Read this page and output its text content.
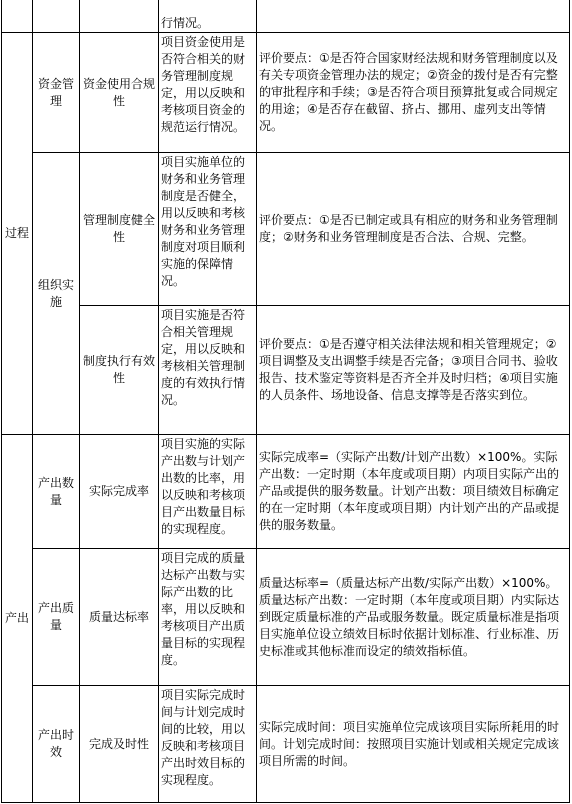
			行情况。	
过程	资金管理	资金使用合规性	项目资金使用是否符合相关的财务管理制度规定，用以反映和考核项目资金的规范运行情况。	评价要点：①是否符合国家财经法规和财务管理制度以及有关专项资金管理办法的规定；②资金的拨付是否有完整的审批程序和手续；③是否符合项目预算批复或合同规定的用途；④是否存在截留、挤占、挪用、虚列支出等情况。
	组织实施	管理制度健全性	项目实施单位的财务和业务管理制度是否健全，用以反映和考核财务和业务管理制度对项目顺利实施的保障情况。	评价要点：①是否已制定或具有相应的财务和业务管理制度；②财务和业务管理制度是否合法、合规、完整。
		制度执行有效性	项目实施是否符合相关管理规定，用以反映和考核相关管理制度的有效执行情况。	评价要点：①是否遵守相关法律法规和相关管理规定；②项目调整及支出调整手续是否完备；③项目合同书、验收报告、技术鉴定等资料是否齐全并及时归档；④项目实施的人员条件、场地设备、信息支撑等是否落实到位。
产出	产出数量	实际完成率	项目实施的实际产出数与计划产出数的比率，用以反映和考核项目产出数量目标的实现程度。	实际完成率=（实际产出数/计划产出数）×100%。实际产出数：一定时期（本年度或项目期）内项目实际产出的产品或提供的服务数量。计划产出数：项目绩效目标确定的在一定时期（本年度或项目期）内计划产出的产品或提供的服务数量。
	产出质量	质量达标率	项目完成的质量达标产出数与实际产出数的比率，用以反映和考核项目产出质量目标的实现程度。	质量达标率=（质量达标产出数/实际产出数）×100%。质量达标产出数：一定时期（本年度或项目期）内实际达到既定质量标准的产品或服务数量。既定质量标准是指项目实施单位设立绩效目标时依据计划标准、行业标准、历史标准或其他标准而设定的绩效指标值。
	产出时效	完成及时性	项目实际完成时间与计划完成时间的比较，用以反映和考核项目产出时效目标的实现程度。	实际完成时间：项目实施单位完成该项目实际所耗用的时间。计划完成时间：按照项目实施计划或相关规定完成该项目所需的时间。
